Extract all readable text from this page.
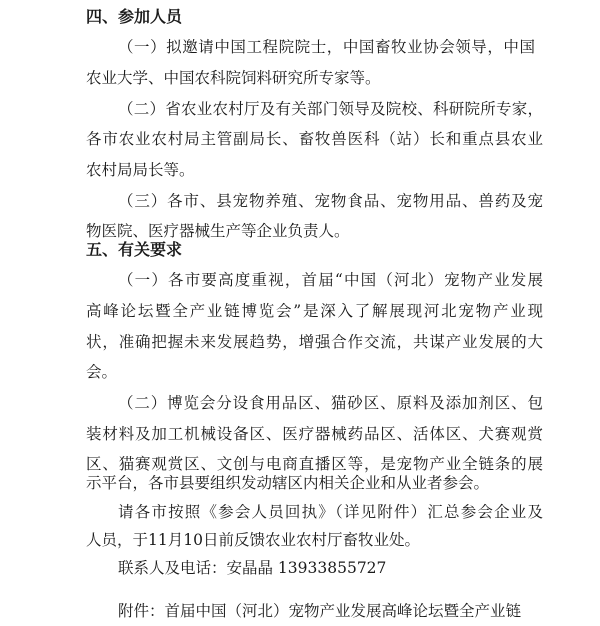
四、参加人员
（一）拟邀请中国工程院院士，中国畜牧业协会领导，中国
农业大学、中国农科院饲料研究所专家等。
（二）省农业农村厅及有关部门领导及院校、科研院所专家，
各市农业农村局主管副局长、畜牧兽医科（站）长和重点县农业
农村局局长等。
（三）各市、县宠物养殖、宠物食品、宠物用品、兽药及宠
物医院、医疗器械生产等企业负责人。
五、有关要求
（一）各市要高度重视，首届“中国（河北）宠物产业发展
高峰论坛暨全产业链博览会”是深入了解展现河北宠物产业现
状，准确把握未来发展趋势，增强合作交流，共谋产业发展的大
会。
（二）博览会分设食用品区、猫砂区、原料及添加剂区、包
装材料及加工机械设备区、医疗器械药品区、活体区、犬赛观赏
区、猫赛观赏区、文创与电商直播区等，是宠物产业全链条的展
示平台，各市县要组织发动辖区内相关企业和从业者参会。
请各市按照《参会人员回执》（详见附件）汇总参会企业及
人员，于11月10日前反馈农业农村厅畜牧业处。
联系人及电话：安晶晶 13933855727
附件：首届中国（河北）宠物产业发展高峰论坛暨全产业链
